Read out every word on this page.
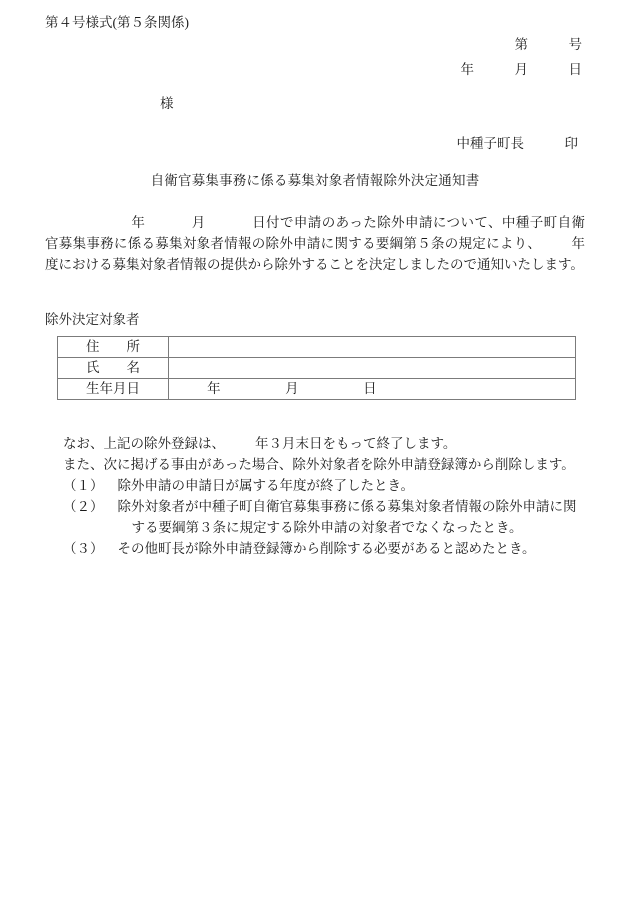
第４号様式(第５条関係)
第　　　号
年　　　月　　　日
様
中種子町長　　　印
自衛官募集事務に係る募集対象者情報除外決定通知書
年	月	日付で申請のあった除外申請について、中種子町自衛官募集事務に係る募集対象者情報の除外申請に関する要綱第５条の規定により、 年度における募集対象者情報の提供から除外することを決定しましたので通知いたします。
除外決定対象者
住　　所	
氏　　名	
生年月日	年 月 日
なお、上記の除外登録は、 年３月末日をもって終了します。
また、次に掲げる事由があった場合、除外対象者を除外申請登録簿から削除します。
（１）	除外申請の申請日が属する年度が終了したとき。
（２）	除外対象者が中種子町自衛官募集事務に係る募集対象者情報の除外申請に関
する要綱第３条に規定する除外申請の対象者でなくなったとき。
（３）	その他町長が除外申請登録簿から削除する必要があると認めたとき。
